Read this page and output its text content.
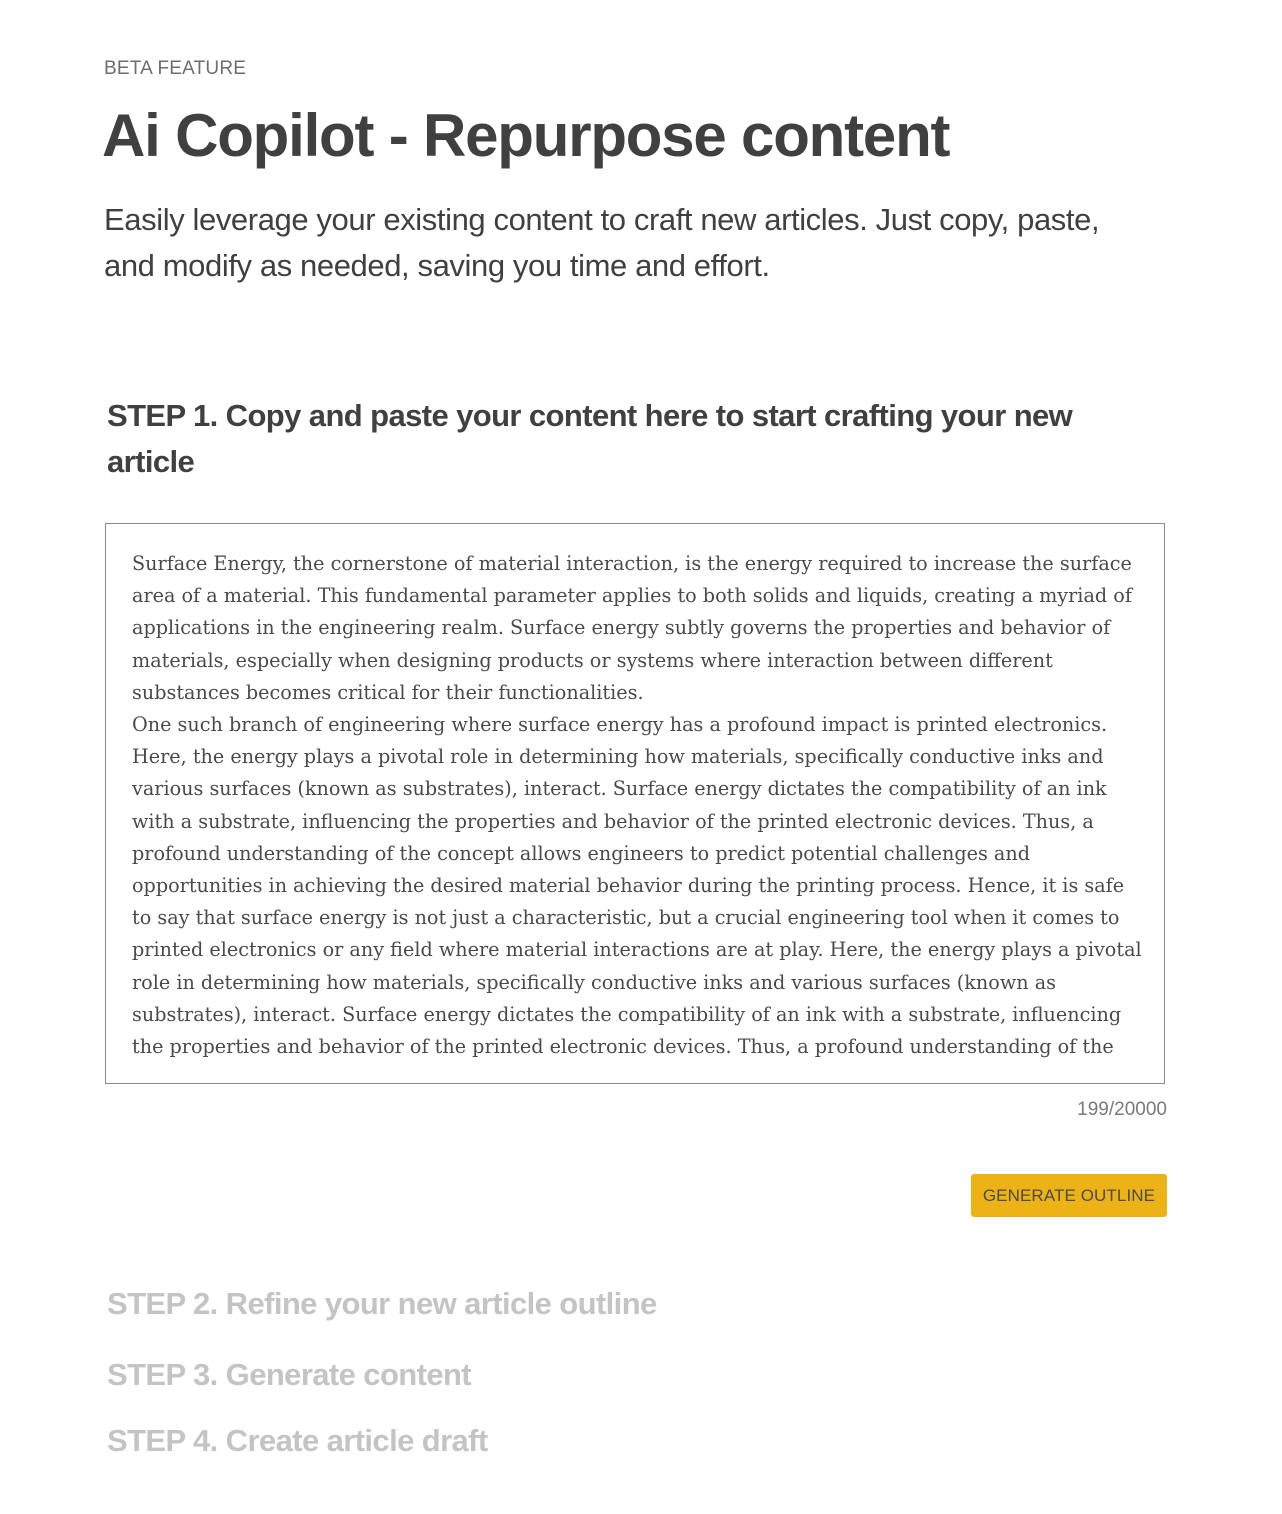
BETA FEATURE
Ai Copilot - Repurpose content

Easily leverage your existing content to craft new articles. Just copy, paste, and modify as needed, saving you time and effort.

STEP 1. Copy and paste your content here to start crafting your new article
Surface Energy, the cornerstone of material interaction, is the energy required to increase the surface area of a material. This fundamental parameter applies to both solids and liquids, creating a myriad of applications in the engineering realm. Surface energy subtly governs the properties and behavior of materials, especially when designing products or systems where interaction between different substances becomes critical for their functionalities. One such branch of engineering where surface energy has a profound impact is printed electronics. Here, the energy plays a pivotal role in determining how materials, specifically conductive inks and various surfaces (known as substrates), interact. Surface energy dictates the compatibility of an ink with a substrate, influencing the properties and behavior of the printed electronic devices. Thus, a profound understanding of the concept allows engineers to predict potential challenges and opportunities in achieving the desired material behavior during the printing process. Hence, it is safe to say that surface energy is not just a characteristic, but a crucial engineering tool when it comes to printed electronics or any field where material interactions are at play. Here, the energy plays a pivotal role in determining how materials, specifically conductive inks and various surfaces (known as substrates), interact. Surface energy dictates the compatibility of an ink with a substrate, influencing the properties and behavior of the printed electronic devices. Thus, a profound understanding of the c...
199/20000
GENERATE OUTLINE
STEP 2. Refine your new article outline
STEP 3. Generate content
STEP 4. Create article draft
